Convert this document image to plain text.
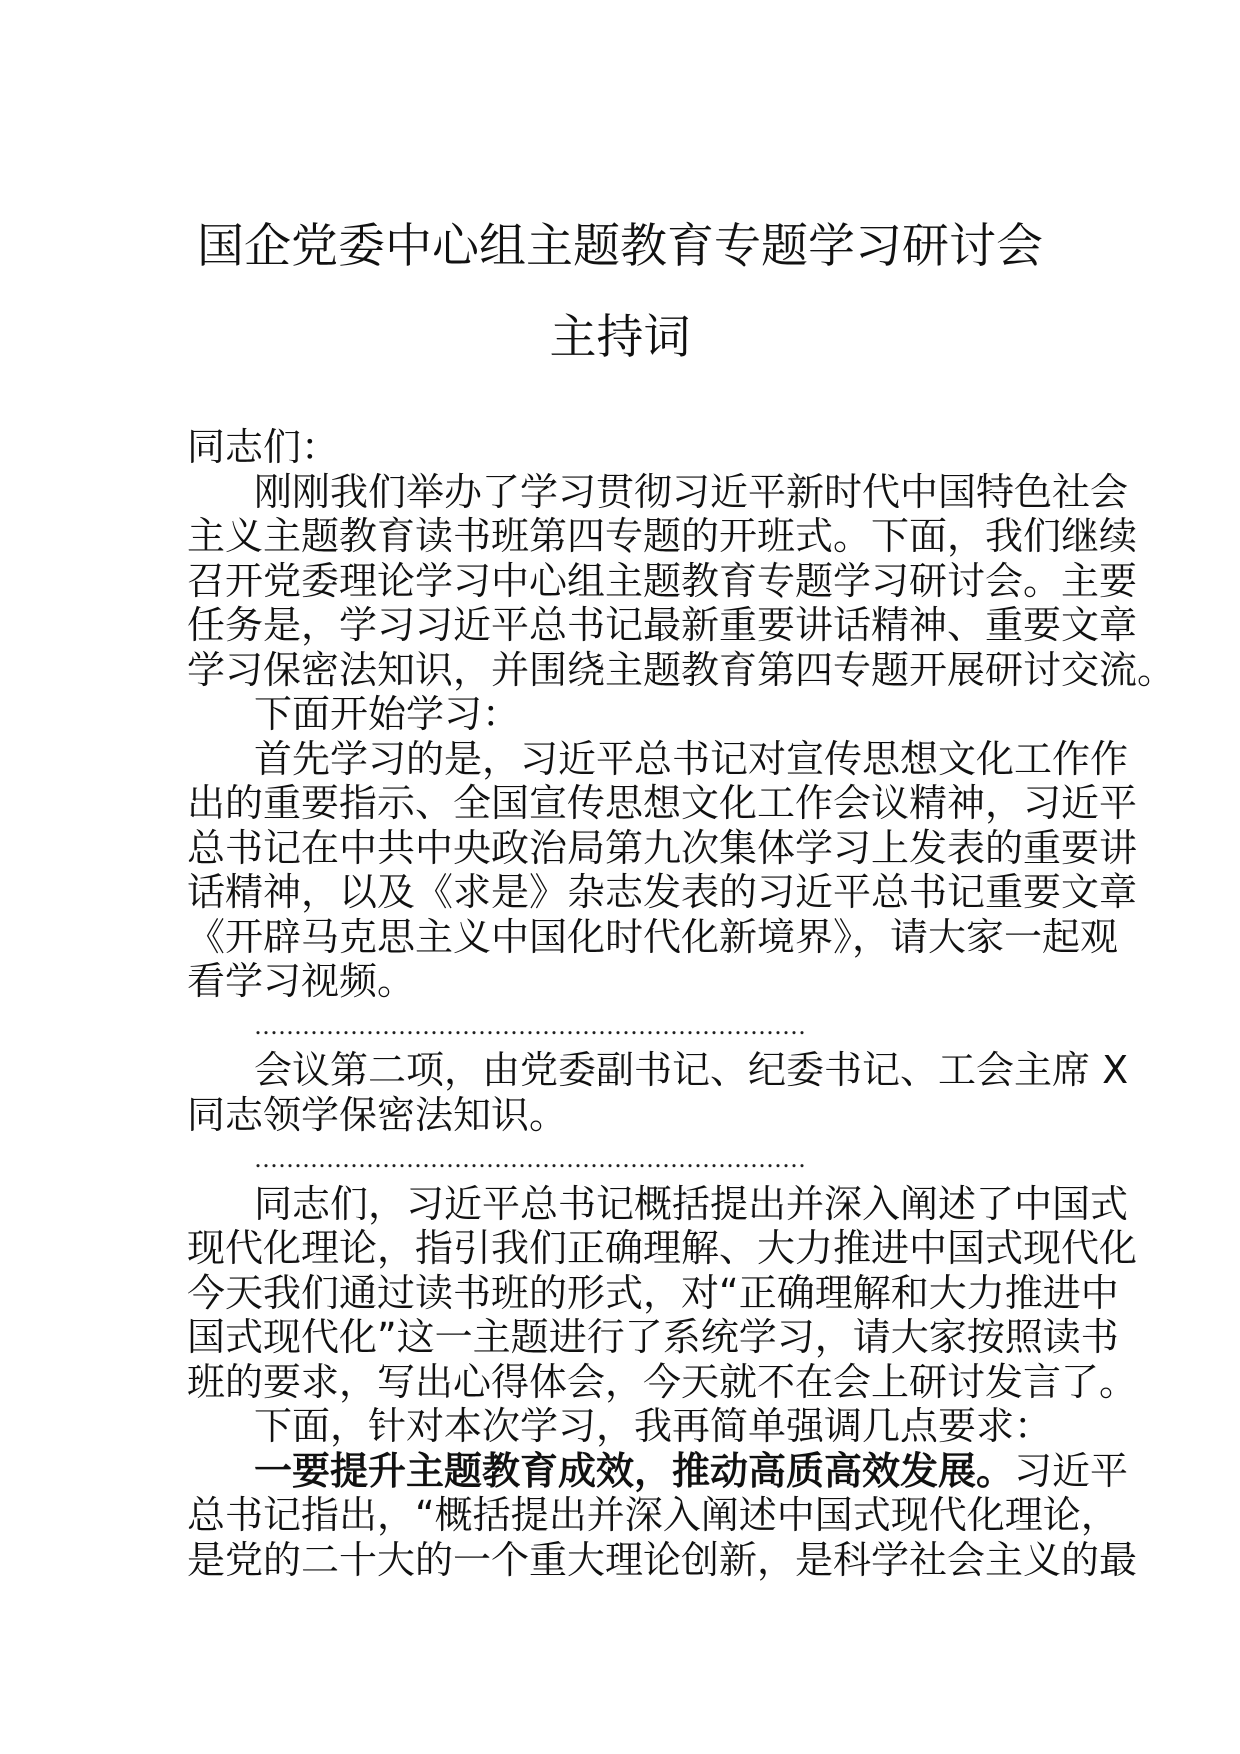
国企党委中心组主题教育专题学习研讨会
主持词
同志们：
刚刚我们举办了学习贯彻习近平新时代中国特色社会
主义主题教育读书班第四专题的开班式。下面，我们继续
召开党委理论学习中心组主题教育专题学习研讨会。主要
任务是，学习习近平总书记最新重要讲话精神、重要文章
学习保密法知识，并围绕主题教育第四专题开展研讨交流。
下面开始学习：
首先学习的是，习近平总书记对宣传思想文化工作作
出的重要指示、全国宣传思想文化工作会议精神，习近平
总书记在中共中央政治局第九次集体学习上发表的重要讲
话精神，以及《求是》杂志发表的习近平总书记重要文章
《开辟马克思主义中国化时代化新境界》，请大家一起观
看学习视频。
……………………………………………………………
会议第二项，由党委副书记、纪委书记、工会主席 X
同志领学保密法知识。
……………………………………………………………
同志们，习近平总书记概括提出并深入阐述了中国式
现代化理论，指引我们正确理解、大力推进中国式现代化
今天我们通过读书班的形式，对“正确理解和大力推进中
国式现代化”这一主题进行了系统学习，请大家按照读书
班的要求，写出心得体会，今天就不在会上研讨发言了。
下面，针对本次学习，我再简单强调几点要求：
一要提升主题教育成效，推动高质高效发展。习近平
总书记指出，“概括提出并深入阐述中国式现代化理论，
是党的二十大的一个重大理论创新，是科学社会主义的最
